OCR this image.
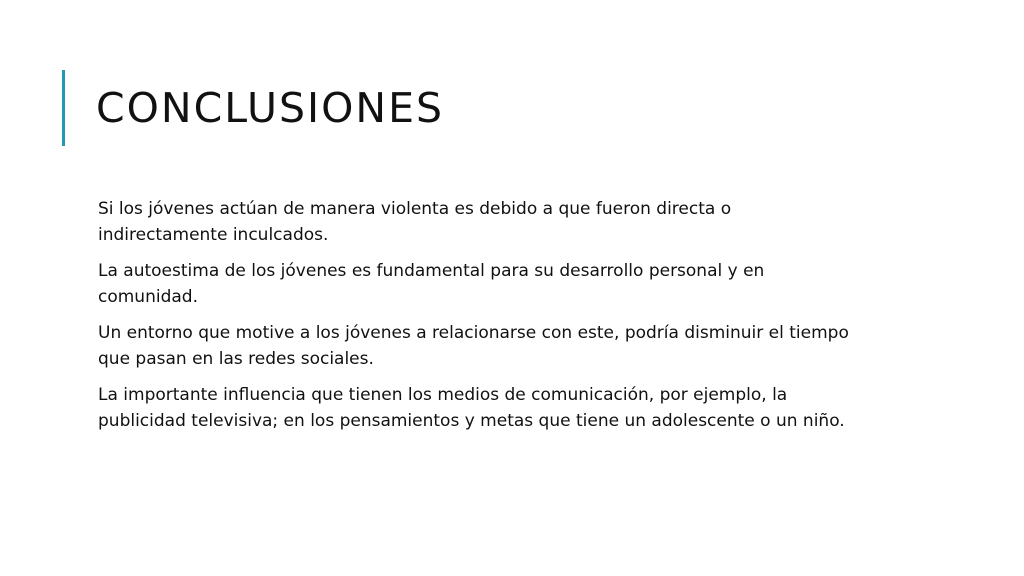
CONCLUSIONES
Si los jóvenes actúan de manera violenta es debido a que fueron directa o indirectamente inculcados.
La autoestima de los jóvenes es fundamental para su desarrollo personal y en comunidad.
Un entorno que motive a los jóvenes a relacionarse con este, podría disminuir el tiempo que pasan en las redes sociales.
La importante influencia que tienen los medios de comunicación, por ejemplo, la publicidad televisiva; en los pensamientos y metas que tiene un adolescente o un niño.
